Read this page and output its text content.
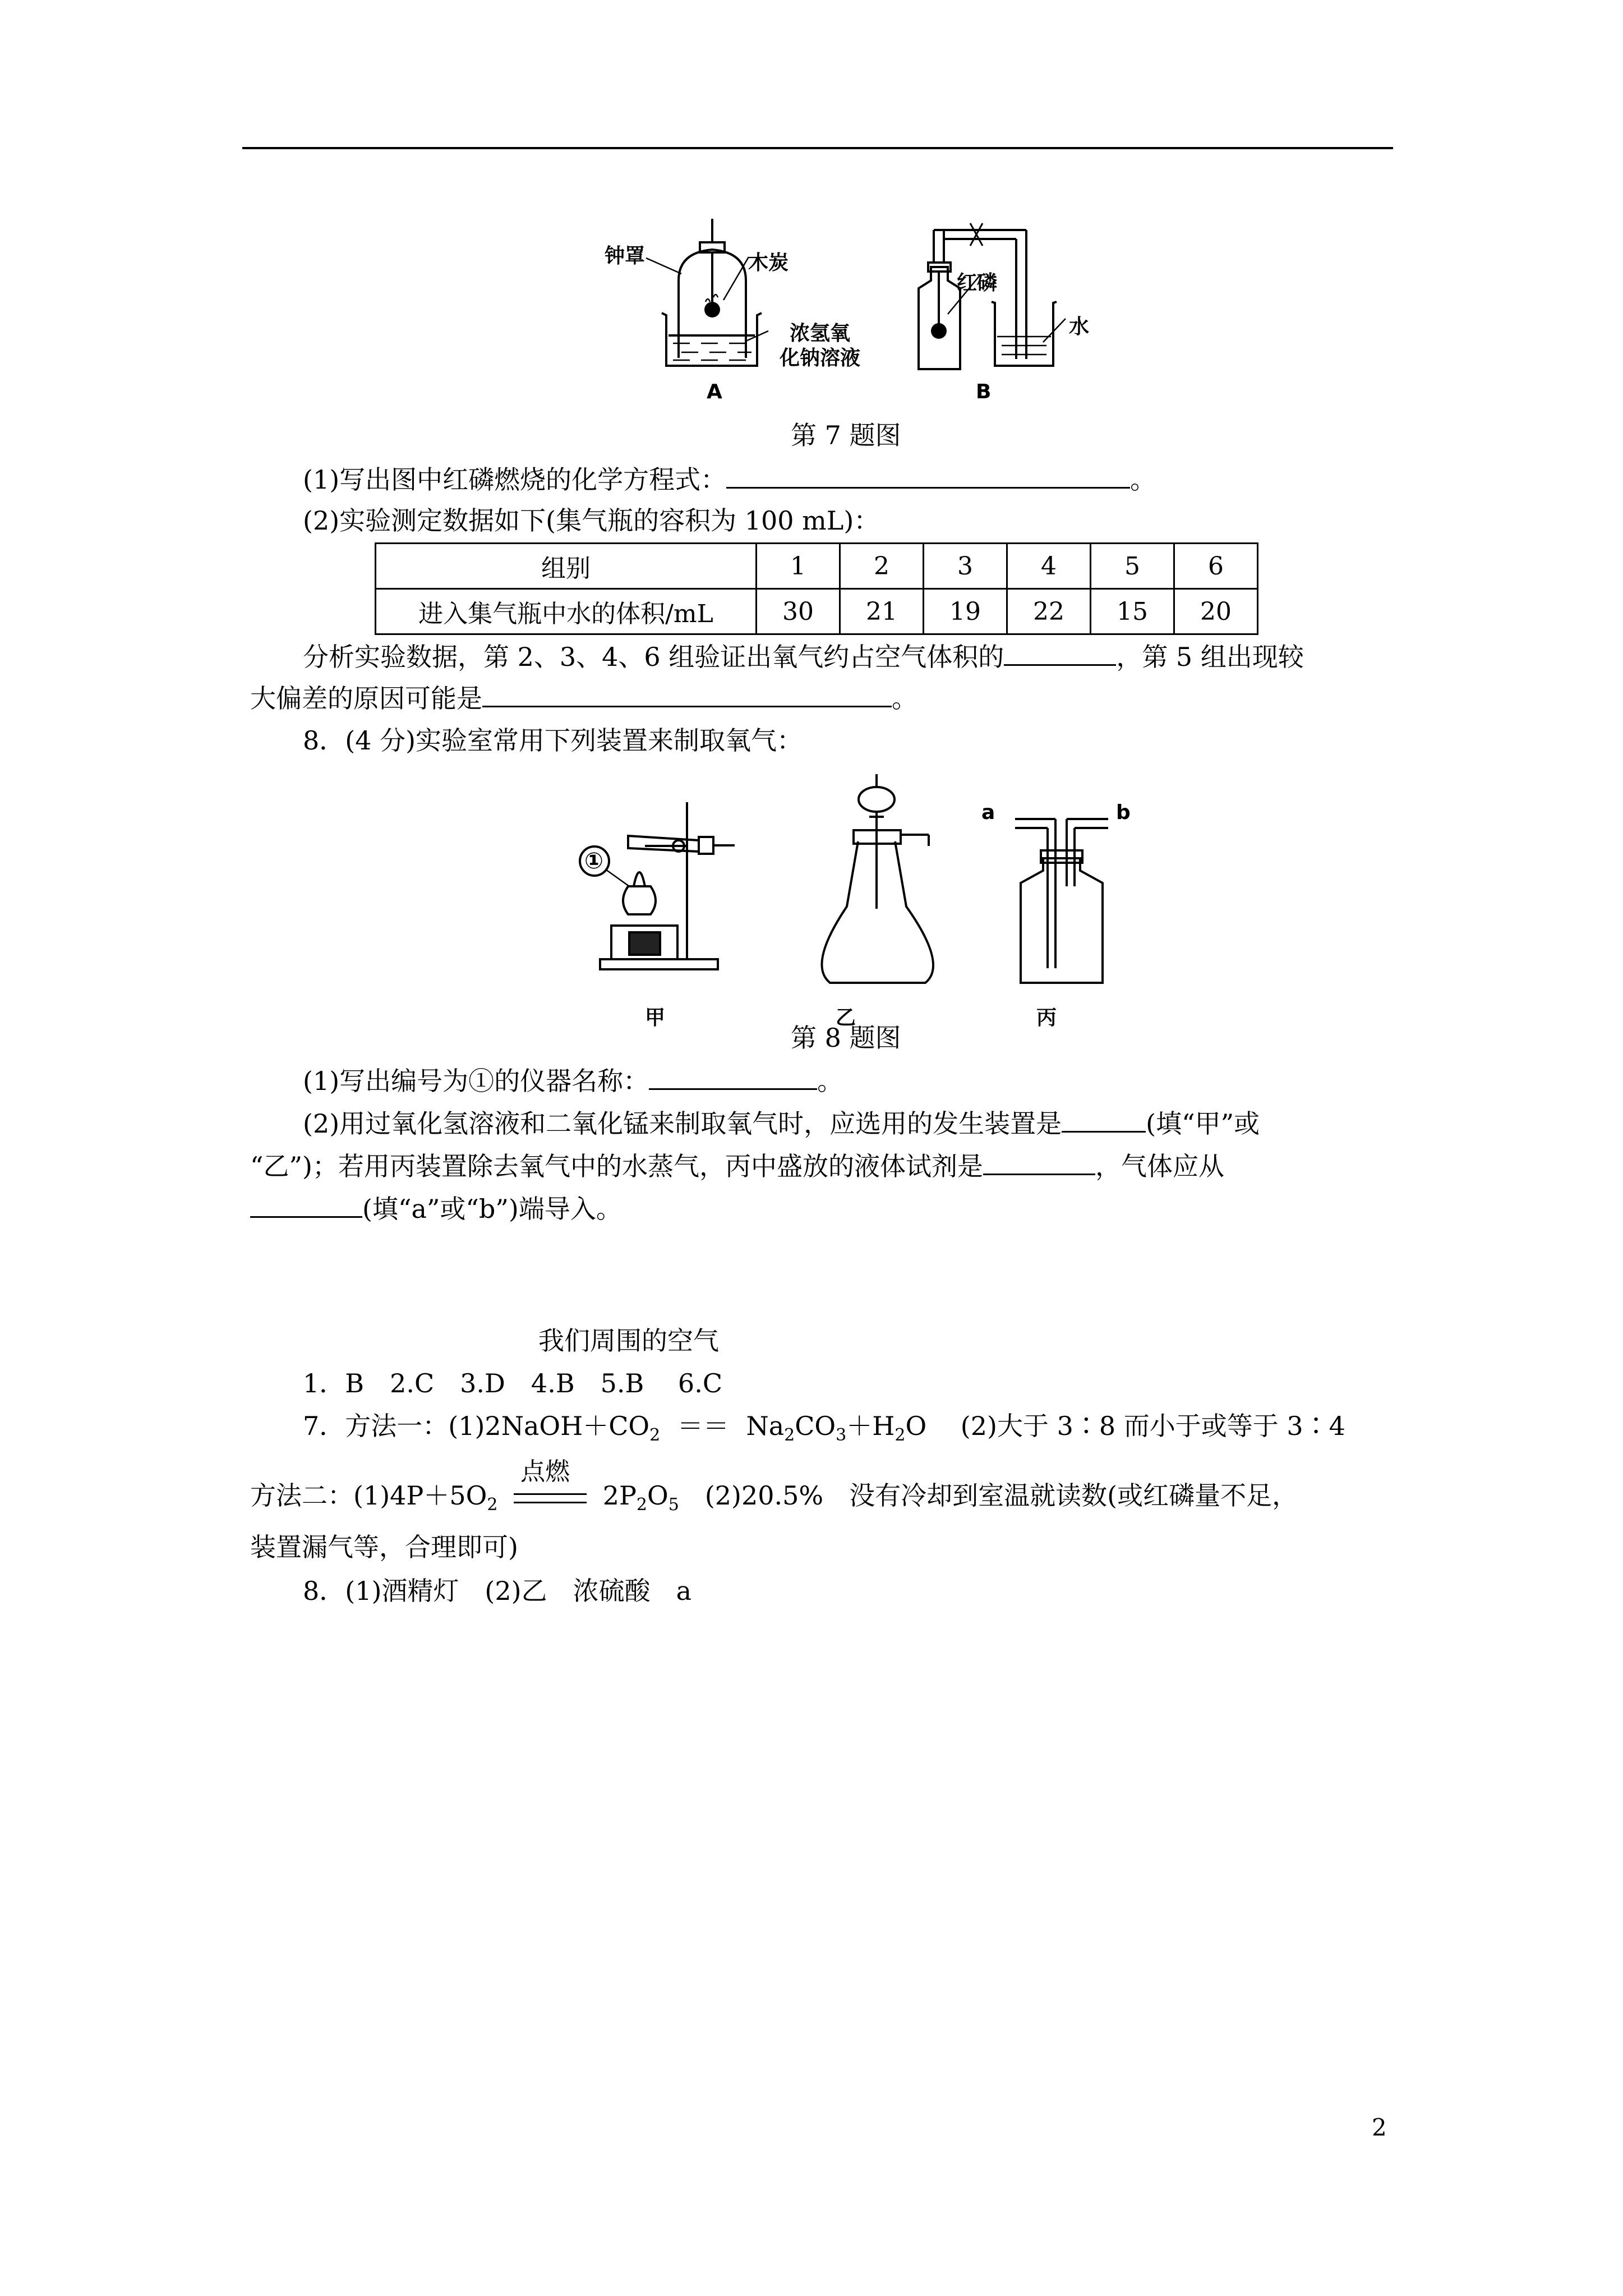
钟罩	木炭
浓氢氧
化钠溶液
红磷
水
A	B
第 7 题图
(1)写出图中红磷燃烧的化学方程式：	。
(2)实验测定数据如下(集气瓶的容积为 100 mL)：
组别	1	2	3	4	5	6
进入集气瓶中水的体积/mL	30	21	19	22	15	20
分析实验数据，第 2、3、4、6 组验证出氧气约占空气体积的	，第 5 组出现较
大偏差的原因可能是	。
8．(4 分)实验室常用下列装置来制取氧气：
①
a	b
甲	乙	丙
第 8 题图
(1)写出编号为①的仪器名称：	。
(2)用过氧化氢溶液和二氧化锰来制取氧气时，应选用的发生装置是	(填“甲”或
“乙”)；若用丙装置除去氧气中的水蒸气，丙中盛放的液体试剂是	，气体应从
(填“a”或“b”)端导入。
我们周围的空气
1．B　2.C　3.D　4.B　5.B　 6.C
7．方法一：$(1)2NaOH+CO_2 == Na_2CO_3+H_2O$　 (2)大于 3∶8 而小于或等于 3∶4
方法二：$(1)4P+5O_2$
点燃
$2P_2O_5$　(2)20.5%　没有冷却到室温就读数(或红磷量不足，
装置漏气等，合理即可)
8．(1)酒精灯　(2)乙　浓硫酸　a
2
